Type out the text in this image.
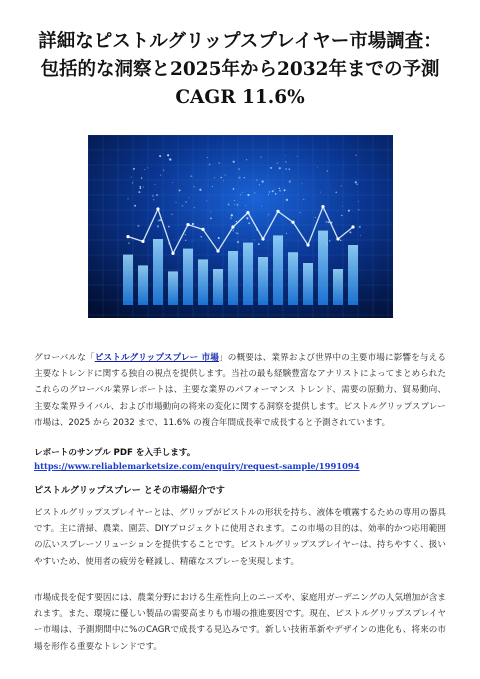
詳細なピストルグリップスプレイヤー市場調査：包括的な洞察と2025年から2032年までの予測CAGR 11.6%

グローバルな「ピストルグリップスプレー 市場」の概要は、業界および世界中の主要市場に影響を与える主要なトレンドに関する独自の視点を提供します。当社の最も経験豊富なアナリストによってまとめられたこれらのグローバル業界レポートは、主要な業界のパフォーマンス トレンド、需要の原動力、貿易動向、主要な業界ライバル、および市場動向の将来の変化に関する洞察を提供します。ピストルグリップスプレー 市場は、2025 から 2032 まで、11.6% の複合年間成長率で成長すると予測されています。

レポートのサンプル PDF を入手します。 https://www.reliablemarketsize.com/enquiry/request-sample/1991094

ピストルグリップスプレー とその市場紹介です

ピストルグリップスプレイヤーとは、グリップがピストルの形状を持ち、液体を噴霧するための専用の器具です。主に清掃、農業、園芸、DIYプロジェクトに使用されます。この市場の目的は、効率的かつ応用範囲の広いスプレーソリューションを提供することです。ピストルグリップスプレイヤーは、持ちやすく、扱いやすいため、使用者の疲労を軽減し、精確なスプレーを実現します。

市場成長を促す要因には、農業分野における生産性向上のニーズや、家庭用ガーデニングの人気増加が含まれます。また、環境に優しい製品の需要高まりも市場の推進要因です。現在、ピストルグリップスプレイヤー市場は、予測期間中に%のCAGRで成長する見込みです。新しい技術革新やデザインの進化も、将来の市場を形作る重要なトレンドです。
